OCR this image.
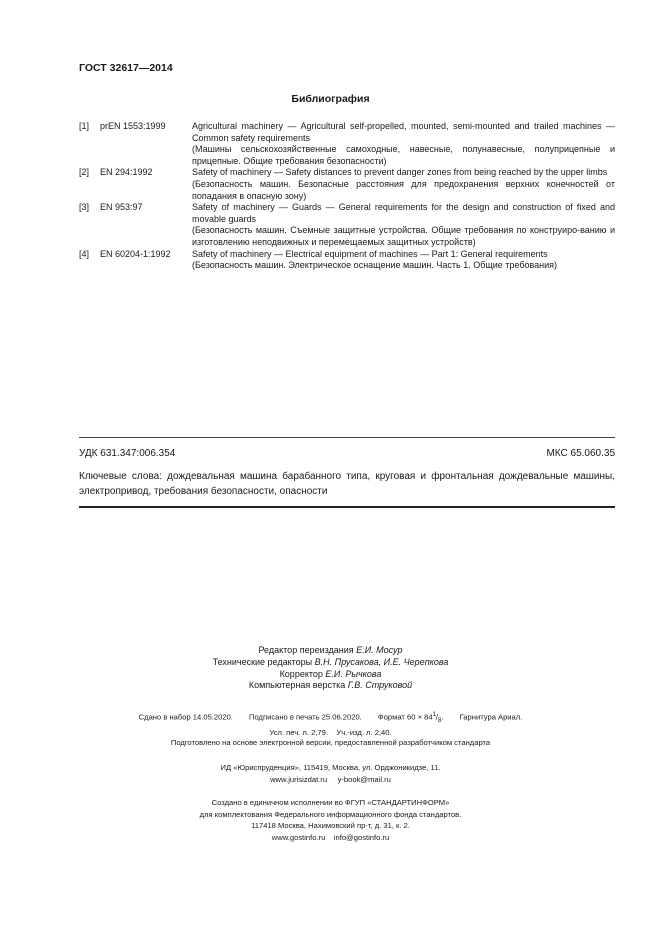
ГОСТ 32617—2014
Библиография
[1]	prEN 1553:1999	Agricultural machinery — Agricultural self-propelled, mounted, semi-mounted and trailed machines — Common safety requirements
(Машины сельскохозяйственные самоходные, навесные, полунавесные, полуприцепные и прицепные. Общие требования безопасности)
[2]	EN 294:1992	Safety of machinery — Safety distances to prevent danger zones from being reached by the upper limbs
(Безопасность машин. Безопасные расстояния для предохранения верхних конечностей от попадания в опасную зону)
[3]	EN 953:97	Safety of machinery — Guards — General requirements for the design and construction of fixed and movable guards
(Безопасность машин. Съемные защитные устройства. Общие требования по конструиро-ванию и изготовлению неподвижных и перемещаемых защитных устройств)
[4]	EN 60204-1:1992	Safety of machinery — Electrical equipment of machines — Part 1: General requirements
(Безопасность машин. Электрическое оснащение машин. Часть 1. Общие требования)
УДК 631.347:006.354	МКС 65.060.35
Ключевые слова: дождевальная машина барабанного типа, круговая и фронтальная дождевальные машины, электропривод, требования безопасности, опасности
Редактор переиздания Е.И. Мосур
Технические редакторы В.Н. Прусакова, И.Е. Черепкова
Корректор Е.И. Рычкова
Компьютерная верстка Г.В. Струковой
Сдано в набор 14.05.2020. Подписано в печать 25.06.2020. Формат $60 \times 84^1/_8$. Гарнитура Ариал.
Усл. печ. л. 2,79. Уч.-изд. л. 2,40.
Подготовлено на основе электронной версии, предоставленной разработчиком стандарта
ИД «Юриспруденция», 115419, Москва, ул. Орджоникидзе, 11.
www.jurisizdat.ru y-book@mail.ru
Создано в единичном исполнении во ФГУП «СТАНДАРТИНФОРМ»
для комплектования Федерального информационного фонда стандартов.
117418 Москва, Нахимовский пр-т, д. 31, к. 2.
www.gostinfo.ru info@gostinfo.ru
